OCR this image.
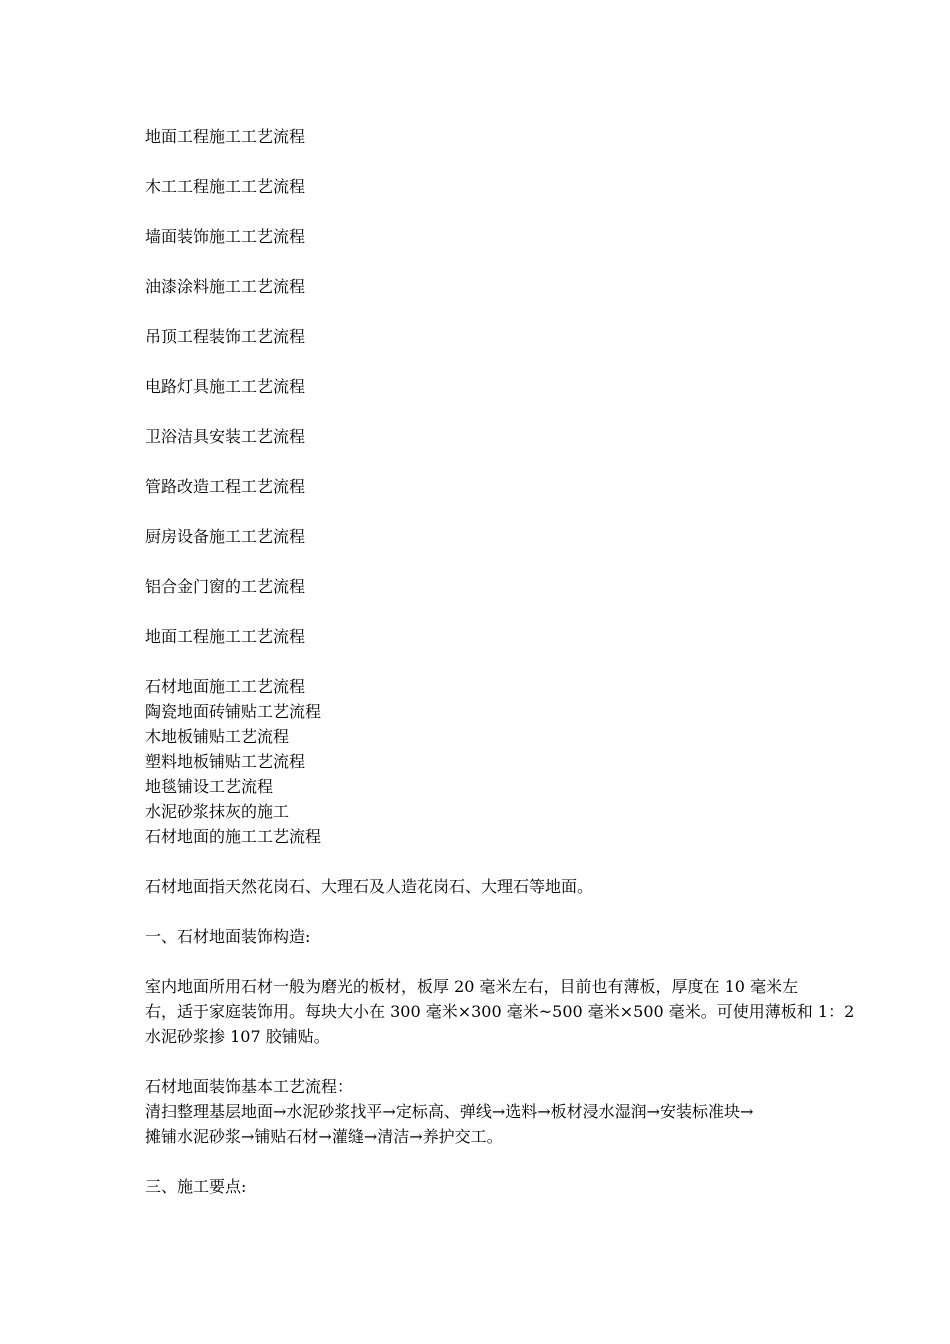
地面工程施工工艺流程
木工工程施工工艺流程
墙面装饰施工工艺流程
油漆涂料施工工艺流程
吊顶工程装饰工艺流程
电路灯具施工工艺流程
卫浴洁具安装工艺流程
管路改造工程工艺流程
厨房设备施工工艺流程
铝合金门窗的工艺流程
地面工程施工工艺流程
石材地面施工工艺流程
陶瓷地面砖铺贴工艺流程
木地板铺贴工艺流程
塑料地板铺贴工艺流程
地毯铺设工艺流程
水泥砂浆抹灰的施工
石材地面的施工工艺流程

石材地面指天然花岗石、大理石及人造花岗石、大理石等地面。

一、石材地面装饰构造:

室内地面所用石材一般为磨光的板材，板厚 20 毫米左右，目前也有薄板，厚度在 10 毫米左
右，适于家庭装饰用。每块大小在 300 毫米×300 毫米~500 毫米×500 毫米。可使用薄板和 1：2
水泥砂浆掺 107 胶铺贴。

石材地面装饰基本工艺流程：
清扫整理基层地面→水泥砂浆找平→定标高、弹线→选料→板材浸水湿润→安装标准块→
摊铺水泥砂浆→铺贴石材→灌缝→清洁→养护交工。

三、施工要点:
